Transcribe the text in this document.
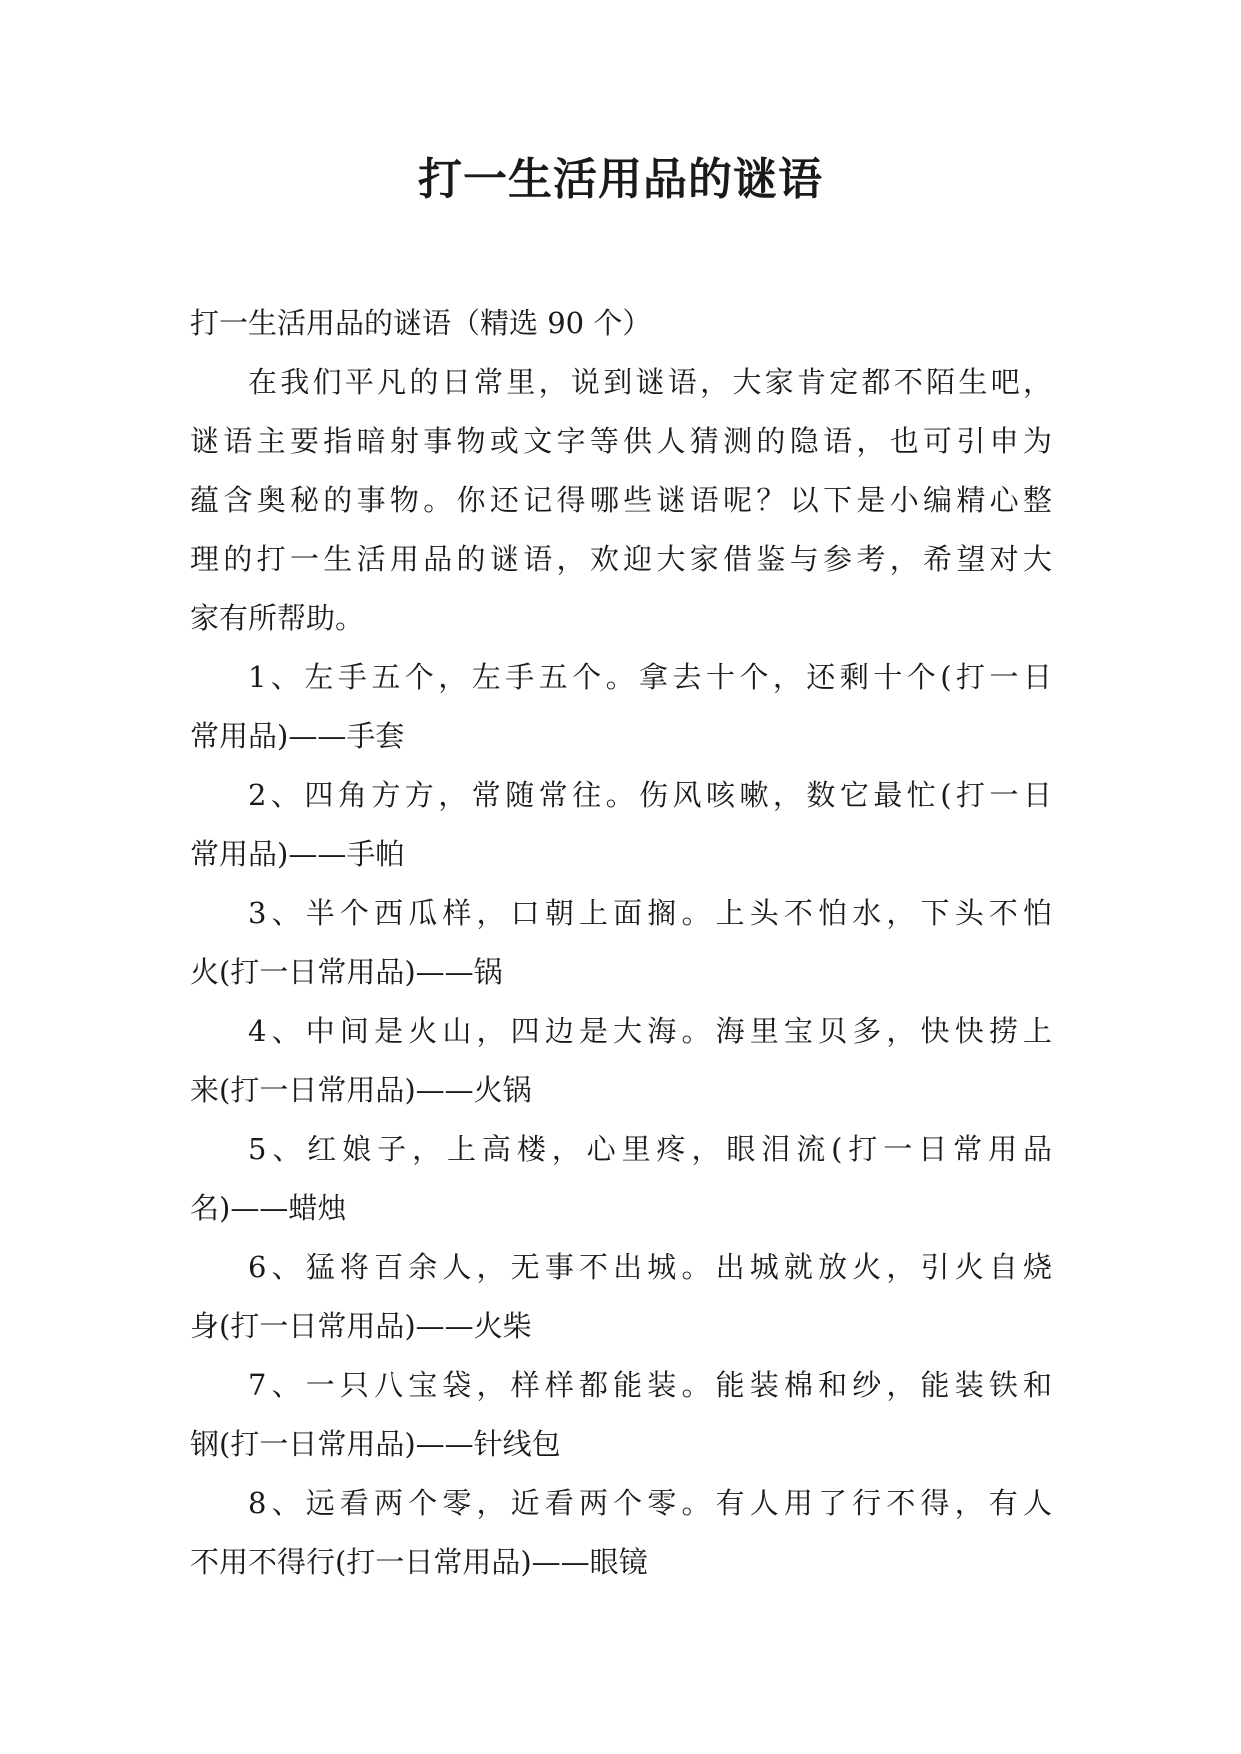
打一生活用品的谜语

打一生活用品的谜语（精选 90 个）

在我们平凡的日常里，说到谜语，大家肯定都不陌生吧，
谜语主要指暗射事物或文字等供人猜测的隐语，也可引申为
蕴含奥秘的事物。你还记得哪些谜语呢？以下是小编精心整
理的打一生活用品的谜语，欢迎大家借鉴与参考，希望对大
家有所帮助。
1、左手五个，左手五个。拿去十个，还剩十个(打一日
常用品)——手套
2、四角方方，常随常往。伤风咳嗽，数它最忙(打一日
常用品)——手帕
3、半个西瓜样，口朝上面搁。上头不怕水，下头不怕
火(打一日常用品)——锅
4、中间是火山，四边是大海。海里宝贝多，快快捞上
来(打一日常用品)——火锅
5、红娘子，上高楼，心里疼，眼泪流(打一日常用品
名)——蜡烛
6、猛将百余人，无事不出城。出城就放火，引火自烧
身(打一日常用品)——火柴
7、一只八宝袋，样样都能装。能装棉和纱，能装铁和
钢(打一日常用品)——针线包
8、远看两个零，近看两个零。有人用了行不得，有人
不用不得行(打一日常用品)——眼镜
